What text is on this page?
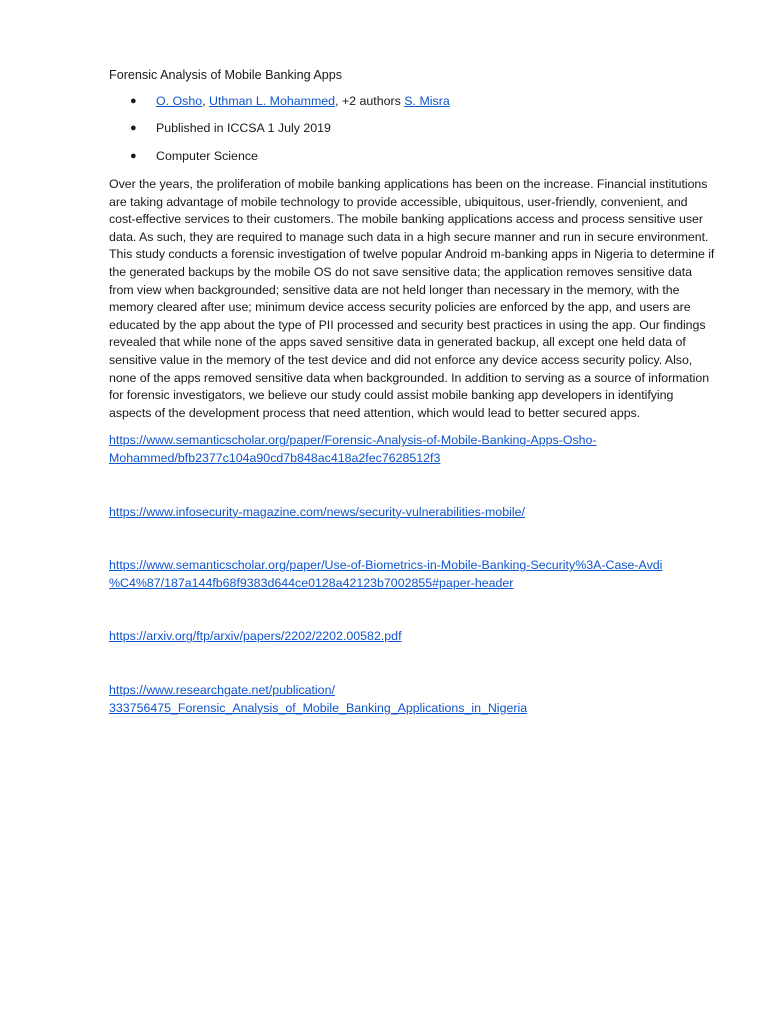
Forensic Analysis of Mobile Banking Apps

● O. Osho, Uthman L. Mohammed, +2 authors S. Misra
● Published in ICCSA 1 July 2019
● Computer Science

Over the years, the proliferation of mobile banking applications has been on the increase. Financial institutions are taking advantage of mobile technology to provide accessible, ubiquitous, user-friendly, convenient, and cost-effective services to their customers. The mobile banking applications access and process sensitive user data. As such, they are required to manage such data in a high secure manner and run in secure environment. This study conducts a forensic investigation of twelve popular Android m-banking apps in Nigeria to determine if the generated backups by the mobile OS do not save sensitive data; the application removes sensitive data from view when backgrounded; sensitive data are not held longer than necessary in the memory, with the memory cleared after use; minimum device access security policies are enforced by the app, and users are educated by the app about the type of PII processed and security best practices in using the app. Our findings revealed that while none of the apps saved sensitive data in generated backup, all except one held data of sensitive value in the memory of the test device and did not enforce any device access security policy. Also, none of the apps removed sensitive data when backgrounded. In addition to serving as a source of information for forensic investigators, we believe our study could assist mobile banking app developers in identifying aspects of the development process that need attention, which would lead to better secured apps.

https://www.semanticscholar.org/paper/Forensic-Analysis-of-Mobile-Banking-Apps-Osho-
Mohammed/bfb2377c104a90cd7b848ac418a2fec7628512f3
https://www.infosecurity-magazine.com/news/security-vulnerabilities-mobile/
https://www.semanticscholar.org/paper/Use-of-Biometrics-in-Mobile-Banking-Security%3A-Case-Avdi
%C4%87/187a144fb68f9383d644ce0128a42123b7002855#paper-header
https://arxiv.org/ftp/arxiv/papers/2202/2202.00582.pdf
https://www.researchgate.net/publication/
333756475_Forensic_Analysis_of_Mobile_Banking_Applications_in_Nigeria
